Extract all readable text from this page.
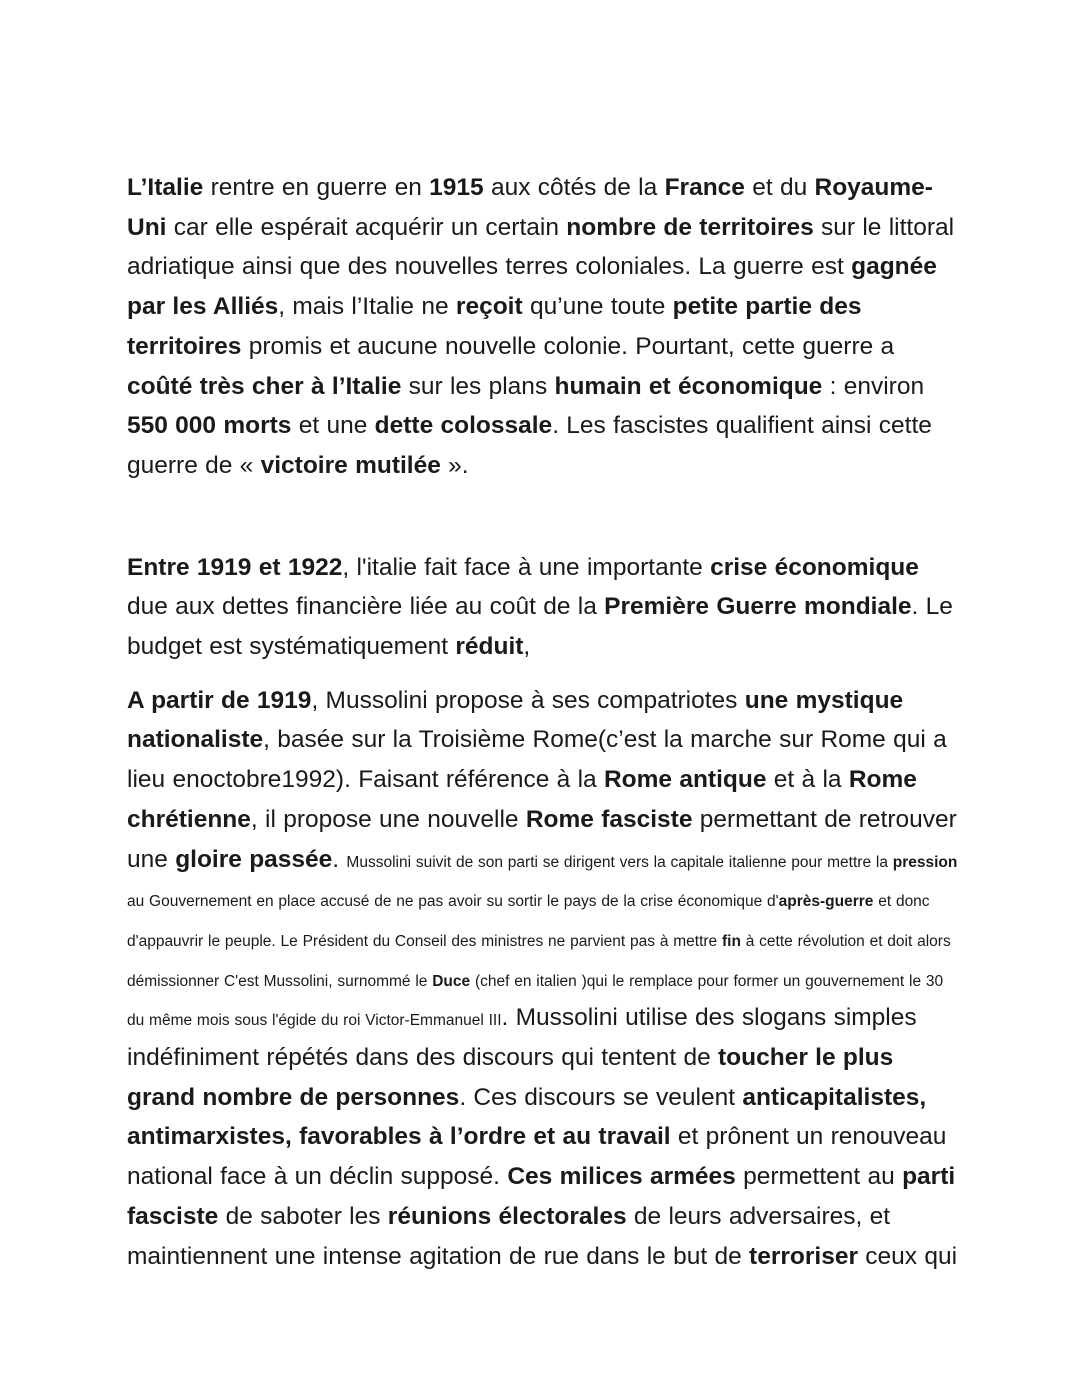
L’Italie rentre en guerre en 1915 aux côtés de la France et du Royaume-Uni car elle espérait acquérir un certain nombre de territoires sur le littoral adriatique ainsi que des nouvelles terres coloniales. La guerre est gagnée par les Alliés, mais l’Italie ne reçoit qu’une toute petite partie des territoires promis et aucune nouvelle colonie. Pourtant, cette guerre a coûté très cher à l’Italie sur les plans humain et économique : environ 550 000 morts et une dette colossale. Les fascistes qualifient ainsi cette guerre de « victoire mutilée ».

Entre 1919 et 1922, l'italie fait face à une importante crise économique due aux dettes financière liée au coût de la Première Guerre mondiale. Le budget est systématiquement réduit,

A partir de 1919, Mussolini propose à ses compatriotes une mystique nationaliste, basée sur la Troisième Rome(c’est la marche sur Rome qui a lieu enoctobre1992). Faisant référence à la Rome antique et à la Rome chrétienne, il propose une nouvelle Rome fasciste permettant de retrouver une gloire passée. Mussolini suivit de son parti se dirigent vers la capitale italienne pour mettre la pression au Gouvernement en place accusé de ne pas avoir su sortir le pays de la crise économique d'après-guerre et donc d'appauvrir le peuple. Le Président du Conseil des ministres ne parvient pas à mettre fin à cette révolution et doit alors démissionner C'est Mussolini, surnommé le Duce (chef en italien )qui le remplace pour former un gouvernement le 30 du même mois sous l'égide du roi Victor-Emmanuel III. Mussolini utilise des slogans simples indéfiniment répétés dans des discours qui tentent de toucher le plus grand nombre de personnes. Ces discours se veulent anticapitalistes, antimarxistes, favorables à l’ordre et au travail et prônent un renouveau national face à un déclin supposé. Ces milices armées permettent au parti fasciste de saboter les réunions électorales de leurs adversaires, et maintiennent une intense agitation de rue dans le but de terroriser ceux qui
